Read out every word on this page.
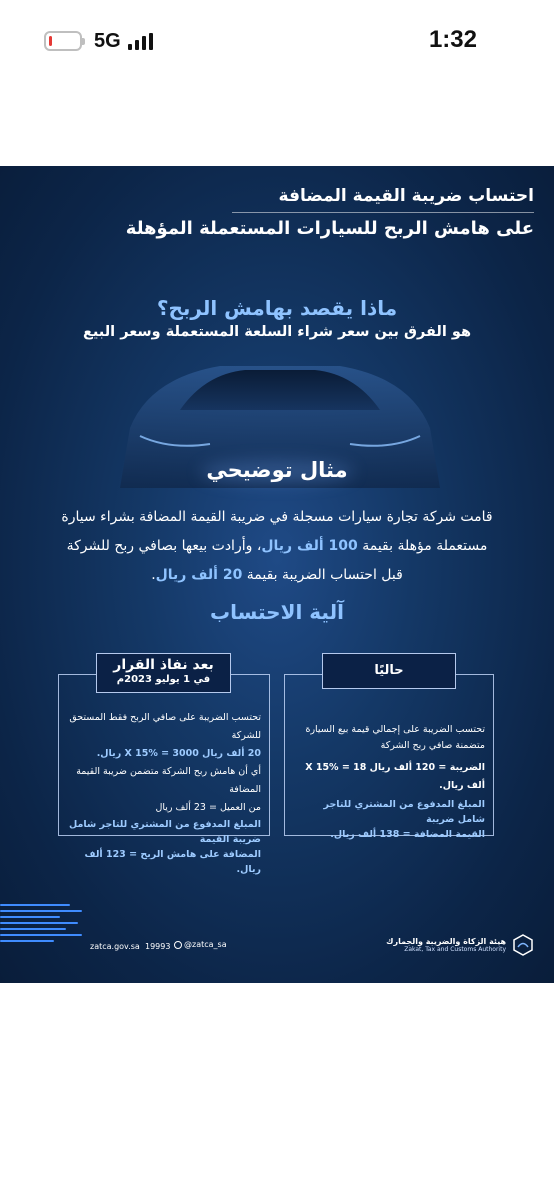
5G	1:32
احتساب ضريبة القيمة المضافة
على هامش الربح للسيارات المستعملة المؤهلة
ماذا يقصد بهامش الربح؟
هو الفرق بين سعر شراء السلعة المستعملة وسعر البيع
مثال توضيحي
قامت شركة تجارة سيارات مسجلة في ضريبة القيمة المضافة بشراء سيارة
مستعملة مؤهلة بقيمة 100 ألف ريال، وأرادت بيعها بصافي ربح للشركة
قبل احتساب الضريبة بقيمة 20 ألف ريال.
آلية الاحتساب
تحتسب الضريبة على صافي الربح فقط المستحق للشركة
20 ألف ريال X 15% = 3000 ريال.
أي أن هامش ربح الشركة متضمن ضريبة القيمة المضافة
من العميل = 23 ألف ريال
المبلغ المدفوع من المشتري للتاجر شامل ضريبة القيمة
المضافة على هامش الربح = 123 ألف ريال.
بعد نفاذ القرار
في 1 يوليو 2023م
تحتسب الضريبة على إجمالي قيمة بيع السيارة
متضمنة صافي ربح الشركة
الضريبة = 120 ألف ريال X 15% = 18 ألف ريال.
المبلغ المدفوع من المشتري للتاجر شامل ضريبة
القيمة المضافة = 138 ألف ريال.
حاليًا
zatca.gov.sa 19993 @zatca_sa	هيئة الزكاة والضريبة والجمارك
Zakat, Tax and Customs Authority
